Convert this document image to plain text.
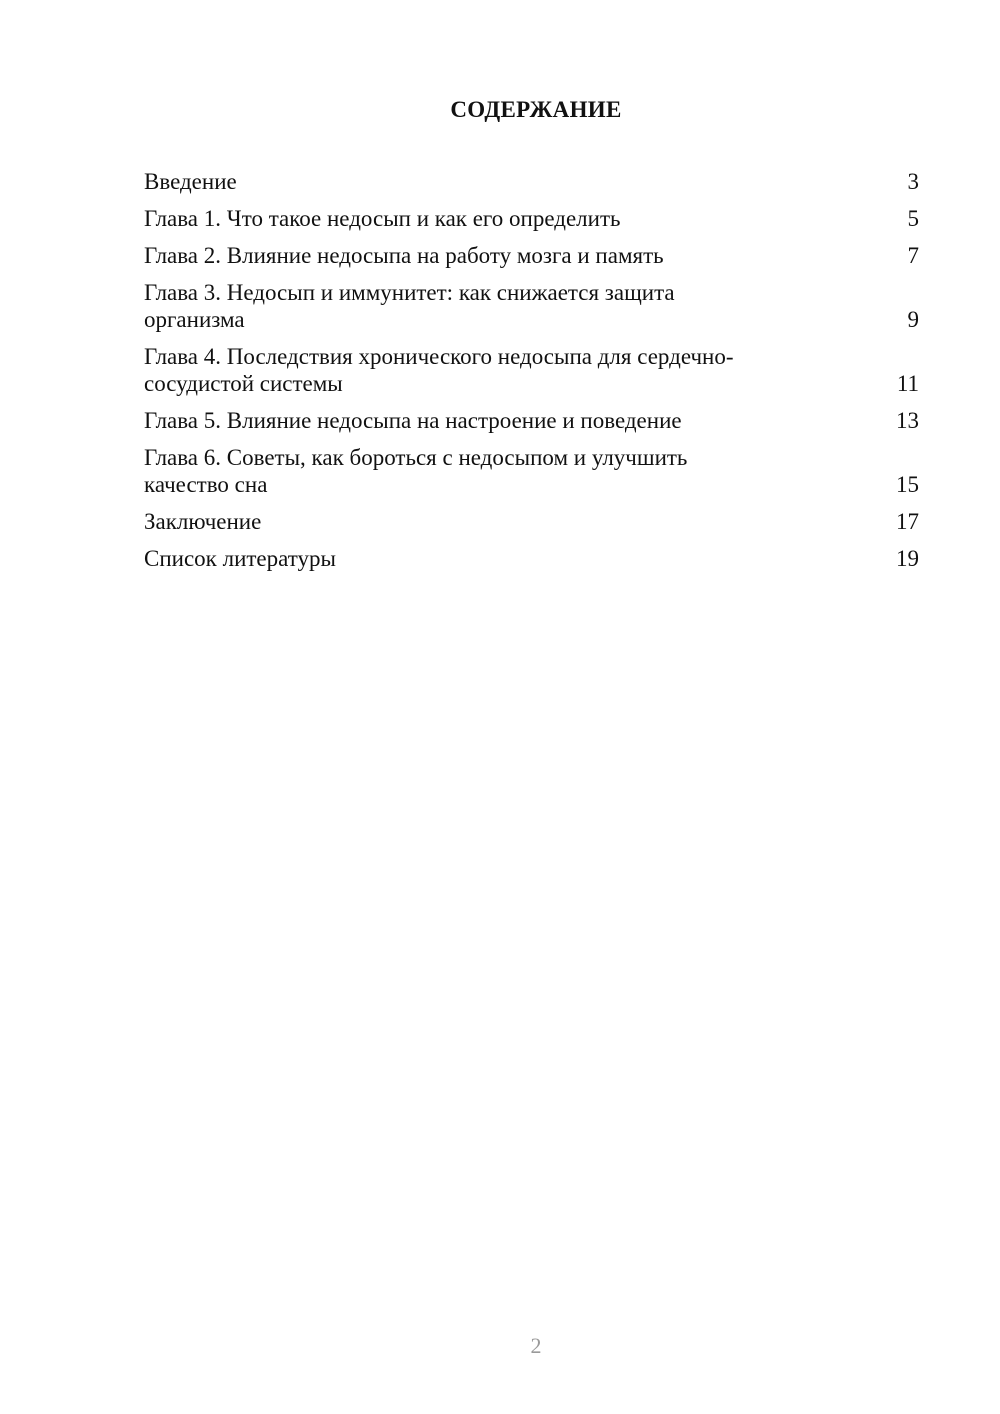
СОДЕРЖАНИЕ
Введение	3
Глава 1. Что такое недосып и как его определить	5
Глава 2. Влияние недосыпа на работу мозга и память	7
Глава 3. Недосып и иммунитет: как снижается защита организма	9
Глава 4. Последствия хронического недосыпа для сердечно-сосудистой системы	11
Глава 5. Влияние недосыпа на настроение и поведение	13
Глава 6. Советы, как бороться с недосыпом и улучшить качество сна	15
Заключение	17
Список литературы	19
2
